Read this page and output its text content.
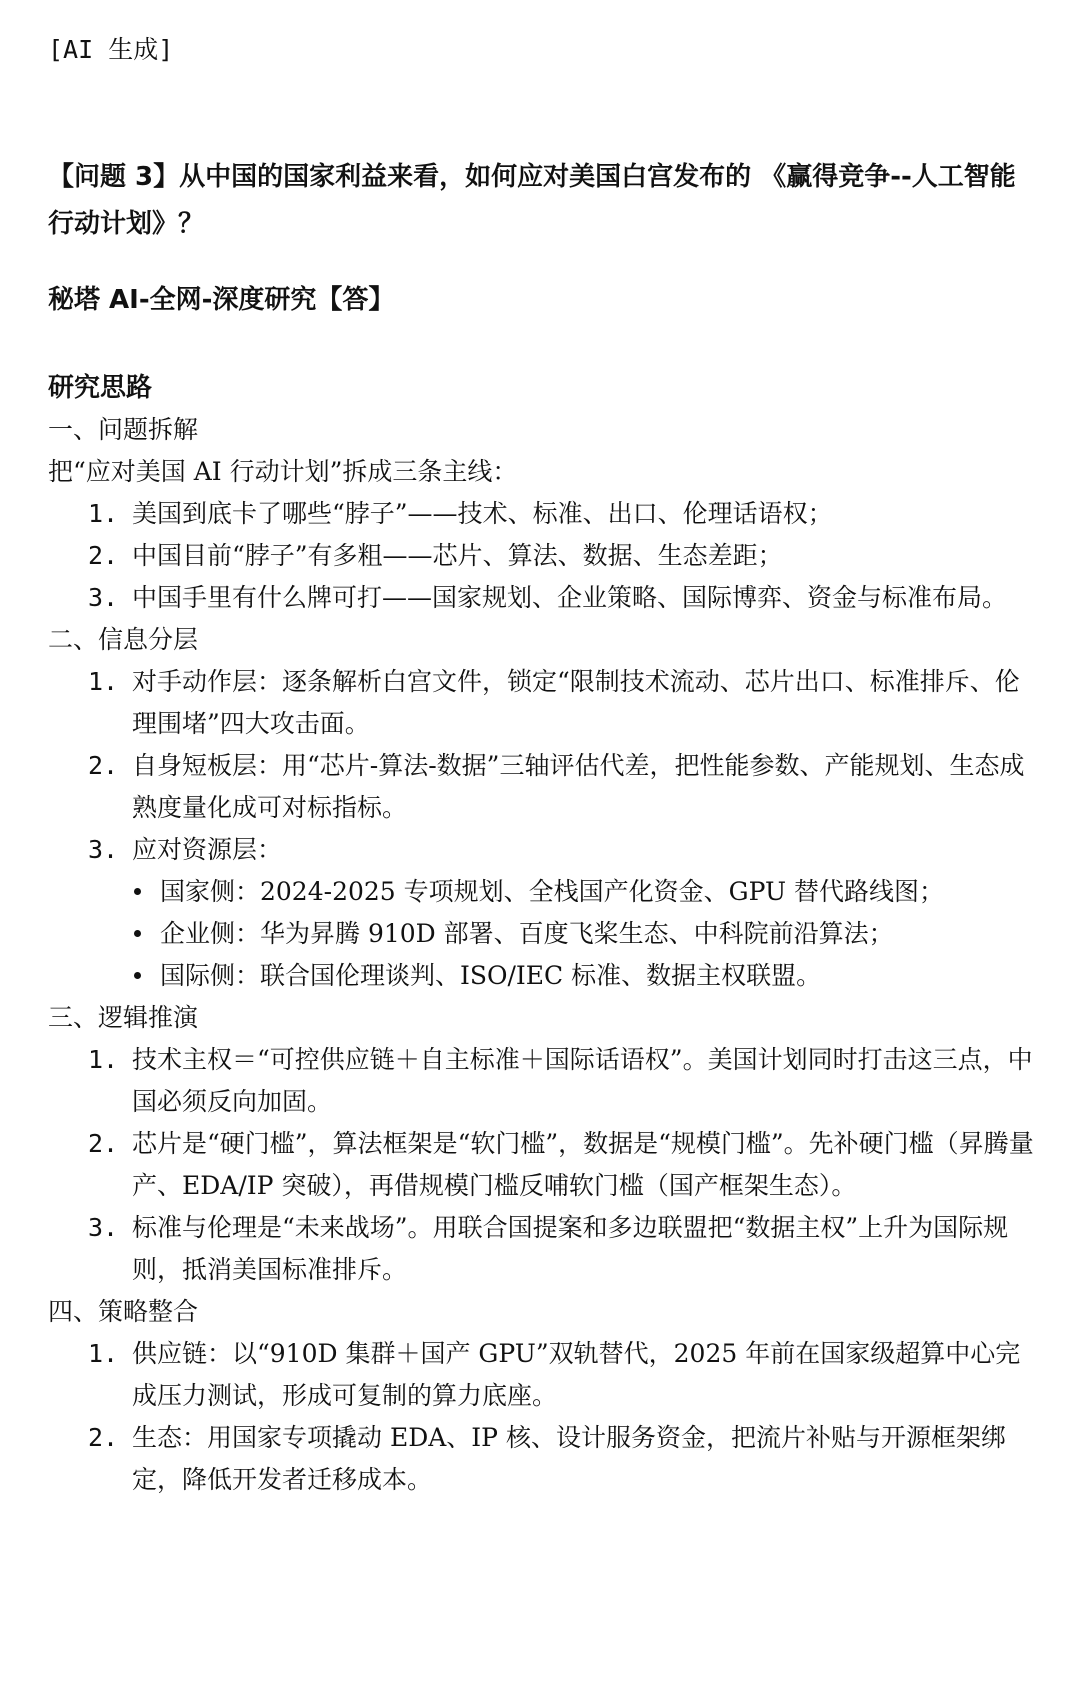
[AI 生成]
【问题 3】从中国的国家利益来看，如何应对美国白宫发布的 《赢得竞争--人工智能行动计划》？
秘塔 AI-全网-深度研究【答】
研究思路
一、问题拆解
把“应对美国 AI 行动计划”拆成三条主线：
1. 美国到底卡了哪些“脖子”——技术、标准、出口、伦理话语权；
2. 中国目前“脖子”有多粗——芯片、算法、数据、生态差距；
3. 中国手里有什么牌可打——国家规划、企业策略、国际博弈、资金与标准布局。
二、信息分层
1. 对手动作层：逐条解析白宫文件，锁定“限制技术流动、芯片出口、标准排斥、伦理围堵”四大攻击面。
2. 自身短板层：用“芯片-算法-数据”三轴评估代差，把性能参数、产能规划、生态成熟度量化成可对标指标。
3. 应对资源层：
国家侧：2024-2025 专项规划、全栈国产化资金、GPU 替代路线图；
企业侧：华为昇腾 910D 部署、百度飞桨生态、中科院前沿算法；
国际侧：联合国伦理谈判、ISO/IEC 标准、数据主权联盟。
三、逻辑推演
1. 技术主权＝“可控供应链＋自主标准＋国际话语权”。美国计划同时打击这三点，中国必须反向加固。
2. 芯片是“硬门槛”，算法框架是“软门槛”，数据是“规模门槛”。先补硬门槛（昇腾量产、EDA/IP 突破），再借规模门槛反哺软门槛（国产框架生态）。
3. 标准与伦理是“未来战场”。用联合国提案和多边联盟把“数据主权”上升为国际规则，抵消美国标准排斥。
四、策略整合
1. 供应链：以“910D 集群＋国产 GPU”双轨替代，2025 年前在国家级超算中心完成压力测试，形成可复制的算力底座。
2. 生态：用国家专项撬动 EDA、IP 核、设计服务资金，把流片补贴与开源框架绑定，降低开发者迁移成本。
